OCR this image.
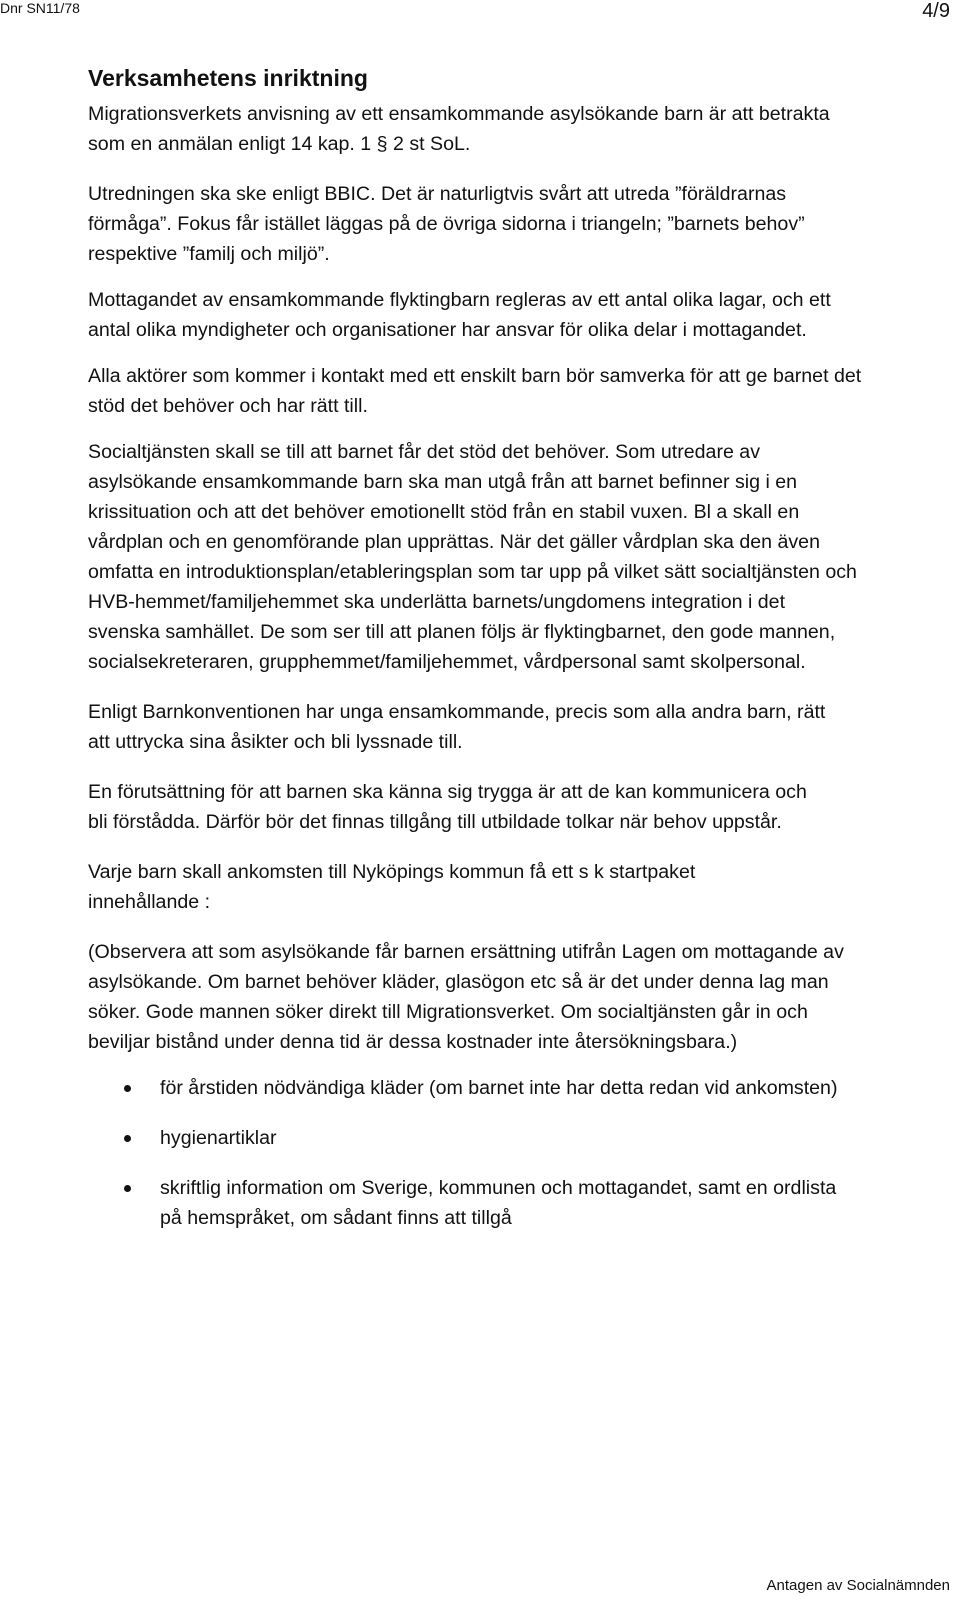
Dnr SN11/78	4/9
Verksamhetens inriktning

Migrationsverkets anvisning av ett ensamkommande asylsökande barn är att betrakta som en anmälan enligt 14 kap. 1 § 2 st SoL.

Utredningen ska ske enligt BBIC. Det är naturligtvis svårt att utreda ”föräldrarnas förmåga”. Fokus får istället läggas på de övriga sidorna i triangeln; ”barnets behov” respektive ”familj och miljö”.

Mottagandet av ensamkommande flyktingbarn regleras av ett antal olika lagar, och ett antal olika myndigheter och organisationer har ansvar för olika delar i mottagandet.

Alla aktörer som kommer i kontakt med ett enskilt barn bör samverka för att ge barnet det stöd det behöver och har rätt till.

Socialtjänsten skall se till att barnet får det stöd det behöver. Som utredare av asylsökande ensamkommande barn ska man utgå från att barnet befinner sig i en krissituation och att det behöver emotionellt stöd från en stabil vuxen. Bl a skall en vårdplan och en genomförande plan upprättas. När det gäller vårdplan ska den även omfatta en introduktionsplan/etableringsplan som tar upp på vilket sätt socialtjänsten och HVB-hemmet/familjehemmet ska underlätta barnets/ungdomens integration i det svenska samhället. De som ser till att planen följs är flyktingbarnet, den gode mannen, socialsekreteraren, grupphemmet/familjehemmet, vårdpersonal samt skolpersonal.

Enligt Barnkonventionen har unga ensamkommande, precis som alla andra barn, rätt att uttrycka sina åsikter och bli lyssnade till.

En förutsättning för att barnen ska känna sig trygga är att de kan kommunicera och bli förstådda. Därför bör det finnas tillgång till utbildade tolkar när behov uppstår.

Varje barn skall ankomsten till Nyköpings kommun få ett s k startpaket innehållande :

(Observera att som asylsökande får barnen ersättning utifrån Lagen om mottagande av asylsökande. Om barnet behöver kläder, glasögon etc så är det under denna lag man söker. Gode mannen söker direkt till Migrationsverket. Om socialtjänsten går in och beviljar bistånd under denna tid är dessa kostnader inte återsökningsbara.)

för årstiden nödvändiga kläder (om barnet inte har detta redan vid ankomsten)
hygienartiklar
skriftlig information om Sverige, kommunen och mottagandet, samt en ordlista på hemspråket, om sådant finns att tillgå
Antagen av Socialnämnden
